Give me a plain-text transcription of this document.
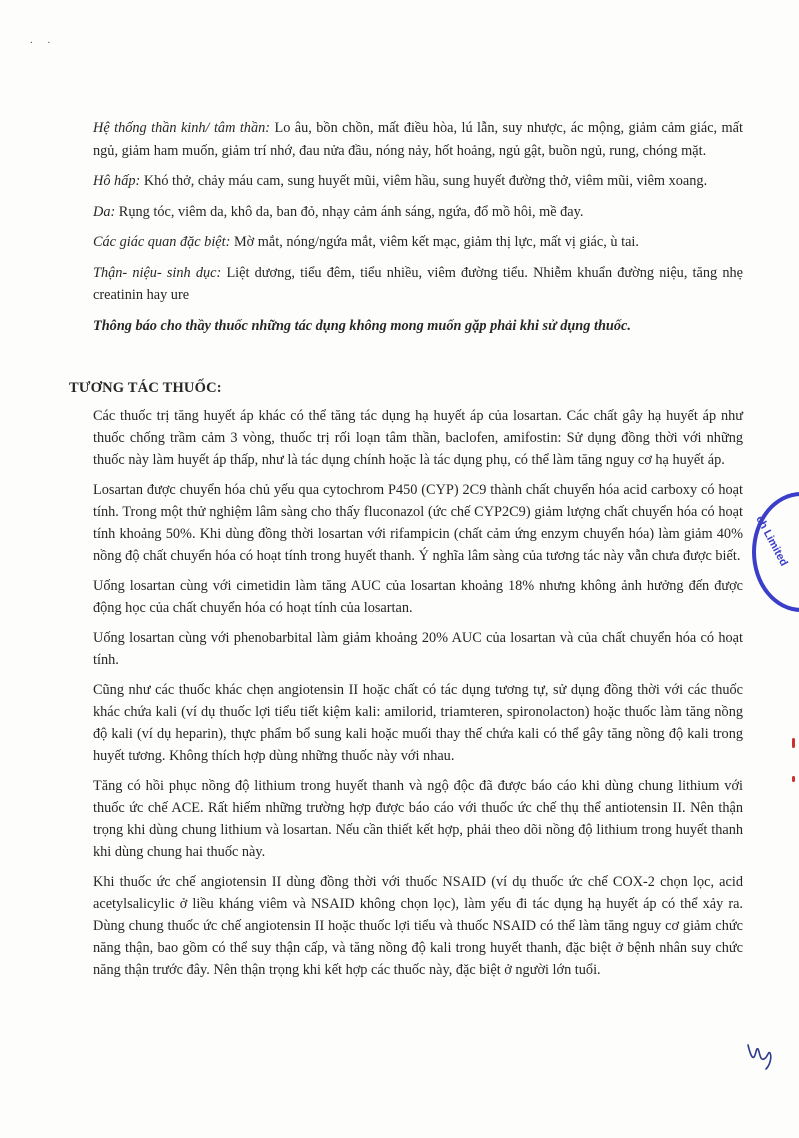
. .

Hệ thống thần kinh/ tâm thần: Lo âu, bồn chồn, mất điều hòa, lú lẫn, suy nhược, ác mộng, giảm cảm giác, mất ngủ, giảm ham muốn, giảm trí nhớ, đau nửa đầu, nóng nảy, hốt hoảng, ngủ gật, buồn ngủ, rung, chóng mặt.

Hô hấp: Khó thở, chảy máu cam, sung huyết mũi, viêm hầu, sung huyết đường thở, viêm mũi, viêm xoang.

Da: Rụng tóc, viêm da, khô da, ban đỏ, nhạy cảm ánh sáng, ngứa, đổ mồ hôi, mề đay.

Các giác quan đặc biệt: Mờ mắt, nóng/ngứa mắt, viêm kết mạc, giảm thị lực, mất vị giác, ù tai.

Thận- niệu- sinh dục: Liệt dương, tiểu đêm, tiểu nhiều, viêm đường tiểu. Nhiễm khuẩn đường niệu, tăng nhẹ creatinin hay ure

Thông báo cho thầy thuốc những tác dụng không mong muốn gặp phải khi sử dụng thuốc.

TƯƠNG TÁC THUỐC:

Các thuốc trị tăng huyết áp khác có thể tăng tác dụng hạ huyết áp của losartan. Các chất gây hạ huyết áp như thuốc chống trầm cảm 3 vòng, thuốc trị rối loạn tâm thần, baclofen, amifostin: Sử dụng đồng thời với những thuốc này làm huyết áp thấp, như là tác dụng chính hoặc là tác dụng phụ, có thể làm tăng nguy cơ hạ huyết áp.

Losartan được chuyển hóa chủ yếu qua cytochrom P450 (CYP) 2C9 thành chất chuyển hóa acid carboxy có hoạt tính. Trong một thử nghiệm lâm sàng cho thấy fluconazol (ức chế CYP2C9) giảm lượng chất chuyển hóa có hoạt tính khoảng 50%. Khi dùng đồng thời losartan với rifampicin (chất cảm ứng enzym chuyển hóa) làm giảm 40% nồng độ chất chuyển hóa có hoạt tính trong huyết thanh. Ý nghĩa lâm sàng của tương tác này vẫn chưa được biết.

Uống losartan cùng với cimetidin làm tăng AUC của losartan khoảng 18% nhưng không ảnh hưởng đến được động học của chất chuyển hóa có hoạt tính của losartan.

Uống losartan cùng với phenobarbital làm giảm khoảng 20% AUC của losartan và của chất chuyển hóa có hoạt tính.

Cũng như các thuốc khác chẹn angiotensin II hoặc chất có tác dụng tương tự, sử dụng đồng thời với các thuốc khác chứa kali (ví dụ thuốc lợi tiểu tiết kiệm kali: amilorid, triamteren, spironolacton) hoặc thuốc làm tăng nồng độ kali (ví dụ heparin), thực phẩm bổ sung kali hoặc muối thay thế chứa kali có thể gây tăng nồng độ kali trong huyết tương. Không thích hợp dùng những thuốc này với nhau.

Tăng có hồi phục nồng độ lithium trong huyết thanh và ngộ độc đã được báo cáo khi dùng chung lithium với thuốc ức chế ACE. Rất hiếm những trường hợp được báo cáo với thuốc ức chế thụ thể antiotensin II. Nên thận trọng khi dùng chung lithium và losartan. Nếu cần thiết kết hợp, phải theo dõi nồng độ lithium trong huyết thanh khi dùng chung hai thuốc này.

Khi thuốc ức chế angiotensin II dùng đồng thời với thuốc NSAID (ví dụ thuốc ức chế COX-2 chọn lọc, acid acetylsalicylic ở liều kháng viêm và NSAID không chọn lọc), làm yếu đi tác dụng hạ huyết áp có thể xảy ra. Dùng chung thuốc ức chế angiotensin II hoặc thuốc lợi tiểu và thuốc NSAID có thể làm tăng nguy cơ giảm chức năng thận, bao gồm có thể suy thận cấp, và tăng nồng độ kali trong huyết thanh, đặc biệt ở bệnh nhân suy chức năng thận trước đây. Nên thận trọng khi kết hợp các thuốc này, đặc biệt ở người lớn tuổi.

ch Limited
